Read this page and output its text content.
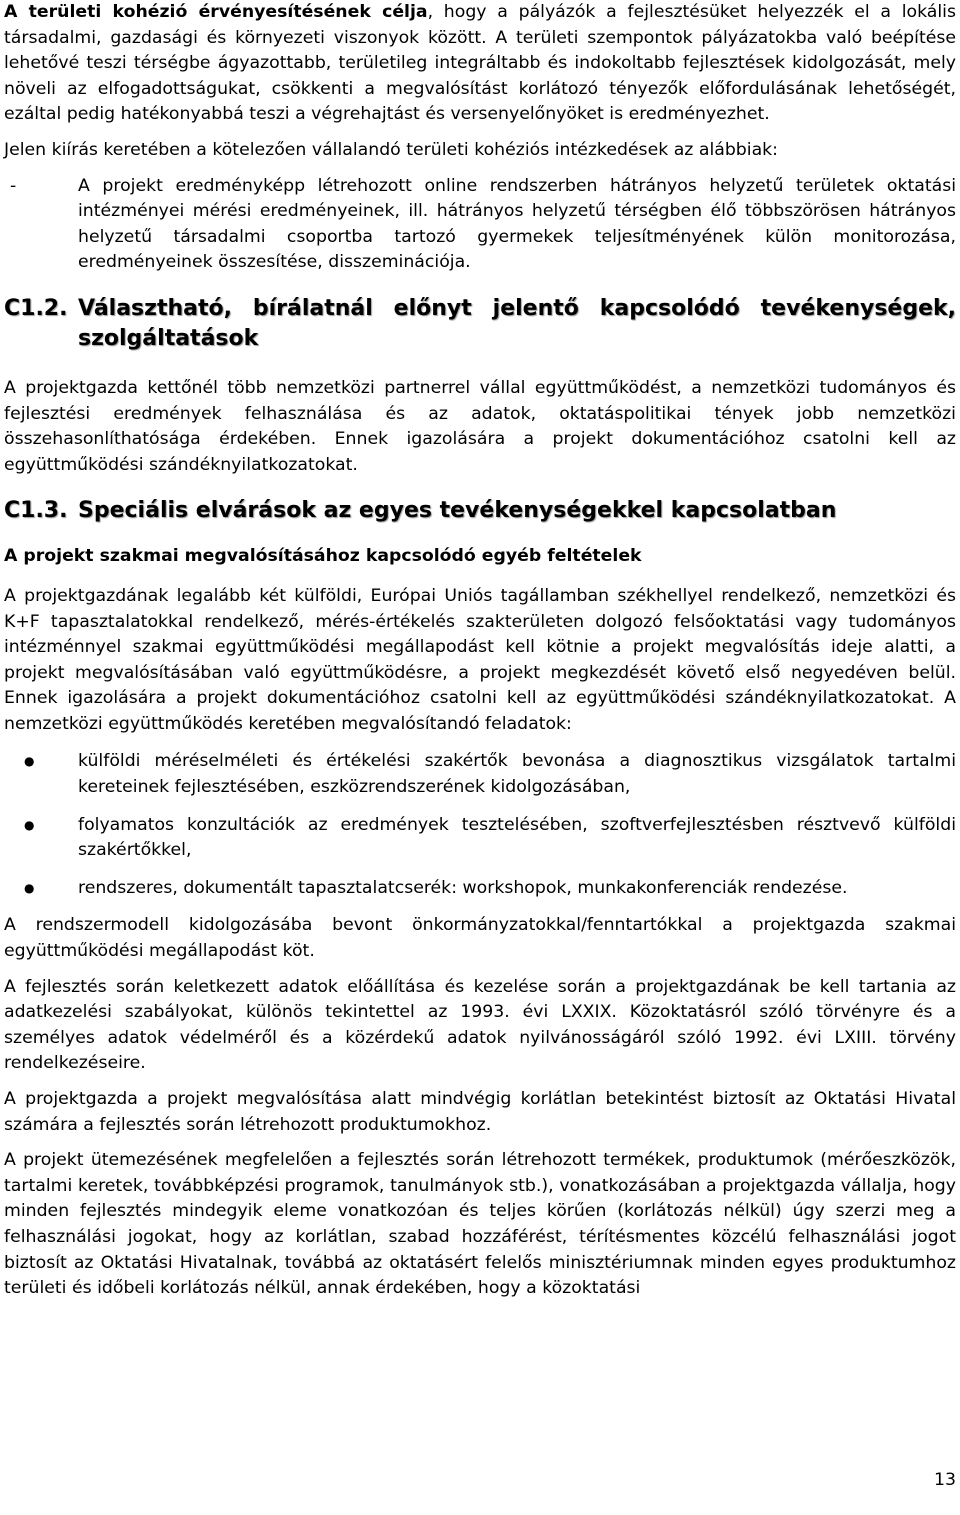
A területi kohézió érvényesítésének célja, hogy a pályázók a fejlesztésüket helyezzék el a lokális társadalmi, gazdasági és környezeti viszonyok között. A területi szempontok pályázatokba való beépítése lehetővé teszi térségbe ágyazottabb, területileg integráltabb és indokoltabb fejlesztések kidolgozását, mely növeli az elfogadottságukat, csökkenti a megvalósítást korlátozó tényezők előfordulásának lehetőségét, ezáltal pedig hatékonyabbá teszi a végrehajtást és versenyelőnyöket is eredményezhet.

Jelen kiírás keretében a kötelezően vállalandó területi kohéziós intézkedések az alábbiak:

-	A projekt eredményképp létrehozott online rendszerben hátrányos helyzetű területek oktatási intézményei mérési eredményeinek, ill. hátrányos helyzetű térségben élő többszörösen hátrányos helyzetű társadalmi csoportba tartozó gyermekek teljesítményének külön monitorozása, eredményeinek összesítése, disszeminációja.
C1.2. Választható, bírálatnál előnyt jelentő kapcsolódó tevékenységek, szolgáltatások

A projektgazda kettőnél több nemzetközi partnerrel vállal együttműködést, a nemzetközi tudományos és fejlesztési eredmények felhasználása és az adatok, oktatáspolitikai tények jobb nemzetközi összehasonlíthatósága érdekében. Ennek igazolására a projekt dokumentációhoz csatolni kell az együttműködési szándéknyilatkozatokat.

C1.3. Speciális elvárások az egyes tevékenységekkel kapcsolatban
A projekt szakmai megvalósításához kapcsolódó egyéb feltételek

A projektgazdának legalább két külföldi, Európai Uniós tagállamban székhellyel rendelkező, nemzetközi és K+F tapasztalatokkal rendelkező, mérés-értékelés szakterületen dolgozó felsőoktatási vagy tudományos intézménnyel szakmai együttműködési megállapodást kell kötnie a projekt megvalósítás ideje alatti, a projekt megvalósításában való együttműködésre, a projekt megkezdését követő első negyedéven belül. Ennek igazolására a projekt dokumentációhoz csatolni kell az együttműködési szándéknyilatkozatokat. A nemzetközi együttműködés keretében megvalósítandó feladatok:

●	külföldi méréselméleti és értékelési szakértők bevonása a diagnosztikus vizsgálatok tartalmi kereteinek fejlesztésében, eszközrendszerének kidolgozásában,
●	folyamatos konzultációk az eredmények tesztelésében, szoftverfejlesztésben résztvevő külföldi szakértőkkel,
●	rendszeres, dokumentált tapasztalatcserék: workshopok, munkakonferenciák rendezése.

A rendszermodell kidolgozásába bevont önkormányzatokkal/fenntartókkal a projektgazda szakmai együttműködési megállapodást köt.

A fejlesztés során keletkezett adatok előállítása és kezelése során a projektgazdának be kell tartania az adatkezelési szabályokat, különös tekintettel az 1993. évi LXXIX. Közoktatásról szóló törvényre és a személyes adatok védelméről és a közérdekű adatok nyilvánosságáról szóló 1992. évi LXIII. törvény rendelkezéseire.

A projektgazda a projekt megvalósítása alatt mindvégig korlátlan betekintést biztosít az Oktatási Hivatal számára a fejlesztés során létrehozott produktumokhoz.

A projekt ütemezésének megfelelően a fejlesztés során létrehozott termékek, produktumok (mérőeszközök, tartalmi keretek, továbbképzési programok, tanulmányok stb.), vonatkozásában a projektgazda vállalja, hogy minden fejlesztés mindegyik eleme vonatkozóan és teljes körűen (korlátozás nélkül) úgy szerzi meg a felhasználási jogokat, hogy az korlátlan, szabad hozzáférést, térítésmentes közcélú felhasználási jogot biztosít az Oktatási Hivatalnak, továbbá az oktatásért felelős minisztériumnak minden egyes produktumhoz területi és időbeli korlátozás nélkül, annak érdekében, hogy a közoktatási

13
